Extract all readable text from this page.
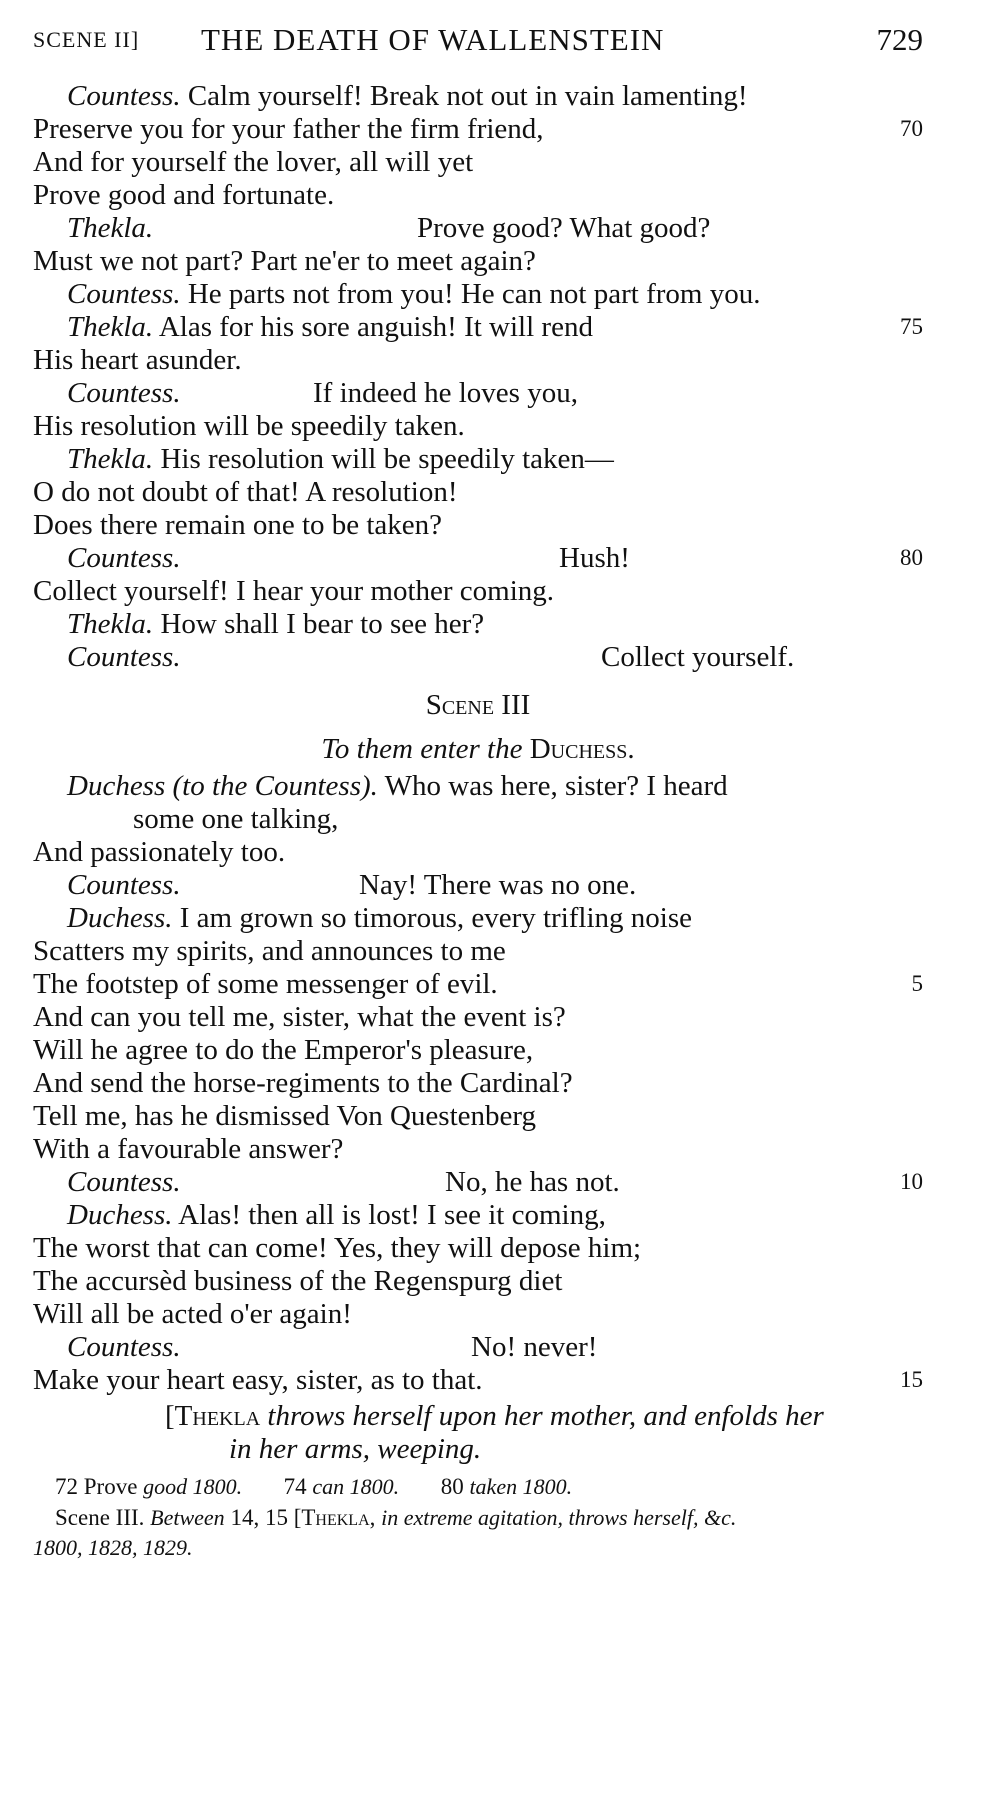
SCENE II] THE DEATH OF WALLENSTEIN	729
Countess. Calm yourself! Break not out in vain lamenting!
Preserve you for your father the firm friend,	70
And for yourself the lover, all will yet
Prove good and fortunate.
Thekla.	Prove good? What good?
Must we not part? Part ne'er to meet again?
Countess. He parts not from you! He can not part from you.
Thekla. Alas for his sore anguish! It will rend	75
His heart asunder.
Countess.	If indeed he loves you,
His resolution will be speedily taken.
Thekla. His resolution will be speedily taken—
O do not doubt of that! A resolution!
Does there remain one to be taken?
Countess.	Hush!	80
Collect yourself! I hear your mother coming.
Thekla. How shall I bear to see her?
Countess.	Collect yourself.
Scene III
To them enter the Duchess.
Duchess (to the Countess). Who was here, sister? I heard
some one talking,
And passionately too.
Countess.	Nay! There was no one.
Duchess. I am grown so timorous, every trifling noise
Scatters my spirits, and announces to me
The footstep of some messenger of evil.	5
And can you tell me, sister, what the event is?
Will he agree to do the Emperor's pleasure,
And send the horse-regiments to the Cardinal?
Tell me, has he dismissed Von Questenberg
With a favourable answer?
Countess.	No, he has not.	10
Duchess. Alas! then all is lost! I see it coming,
The worst that can come! Yes, they will depose him;
The accursèd business of the Regenspurg diet
Will all be acted o'er again!
Countess.	No! never!
Make your heart easy, sister, as to that.	15
[Thekla throws herself upon her mother, and enfolds her
in her arms, weeping.
72 Prove good 1800. 74 can 1800. 80 taken 1800.
Scene III. Between 14, 15 [Thekla, in extreme agitation, throws herself, &c.
1800, 1828, 1829.
